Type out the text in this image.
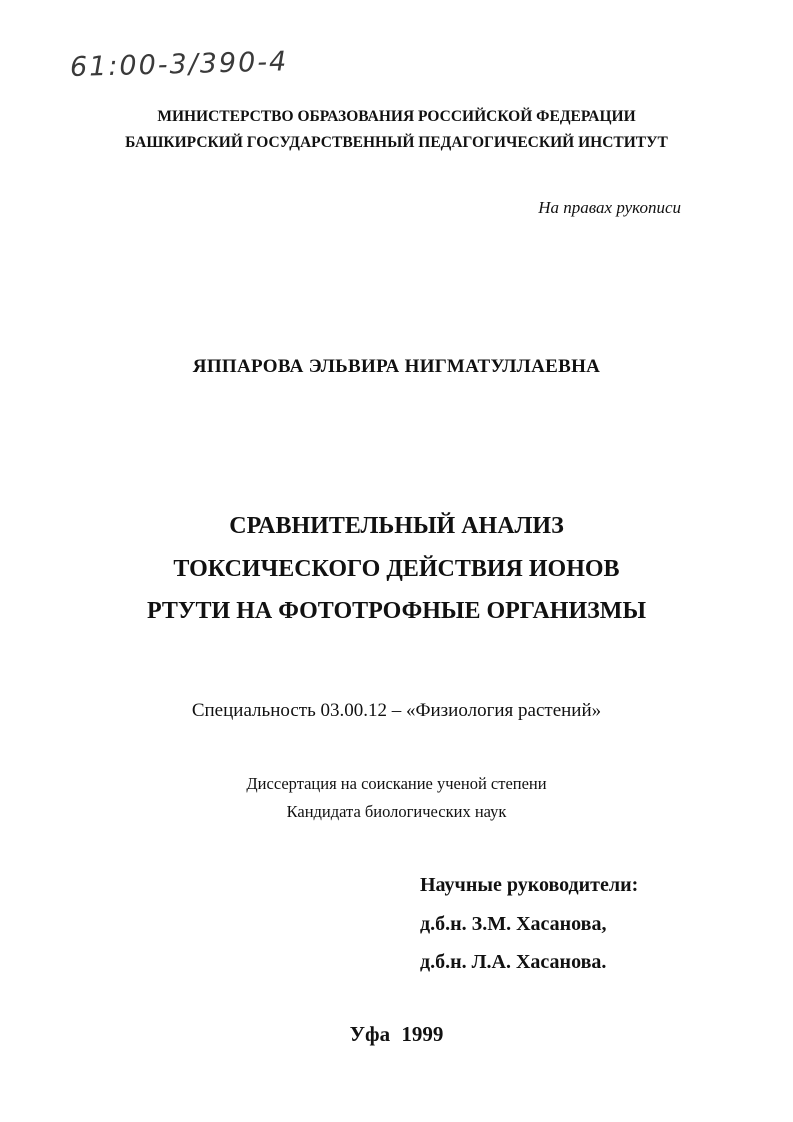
61:00-3/390-4
МИНИСТЕРСТВО ОБРАЗОВАНИЯ РОССИЙСКОЙ ФЕДЕРАЦИИ
БАШКИРСКИЙ ГОСУДАРСТВЕННЫЙ ПЕДАГОГИЧЕСКИЙ ИНСТИТУТ
На правах рукописи
ЯППАРОВА ЭЛЬВИРА НИГМАТУЛЛАЕВНА
СРАВНИТЕЛЬНЫЙ АНАЛИЗ
ТОКСИЧЕСКОГО ДЕЙСТВИЯ ИОНОВ
РТУТИ НА ФОТОТРОФНЫЕ ОРГАНИЗМЫ
Специальность 03.00.12 – «Физиология растений»
Диссертация на соискание ученой степени
Кандидата биологических наук
Научные руководители:
д.б.н. З.М. Хасанова,
д.б.н. Л.А. Хасанова.
Уфа 1999
